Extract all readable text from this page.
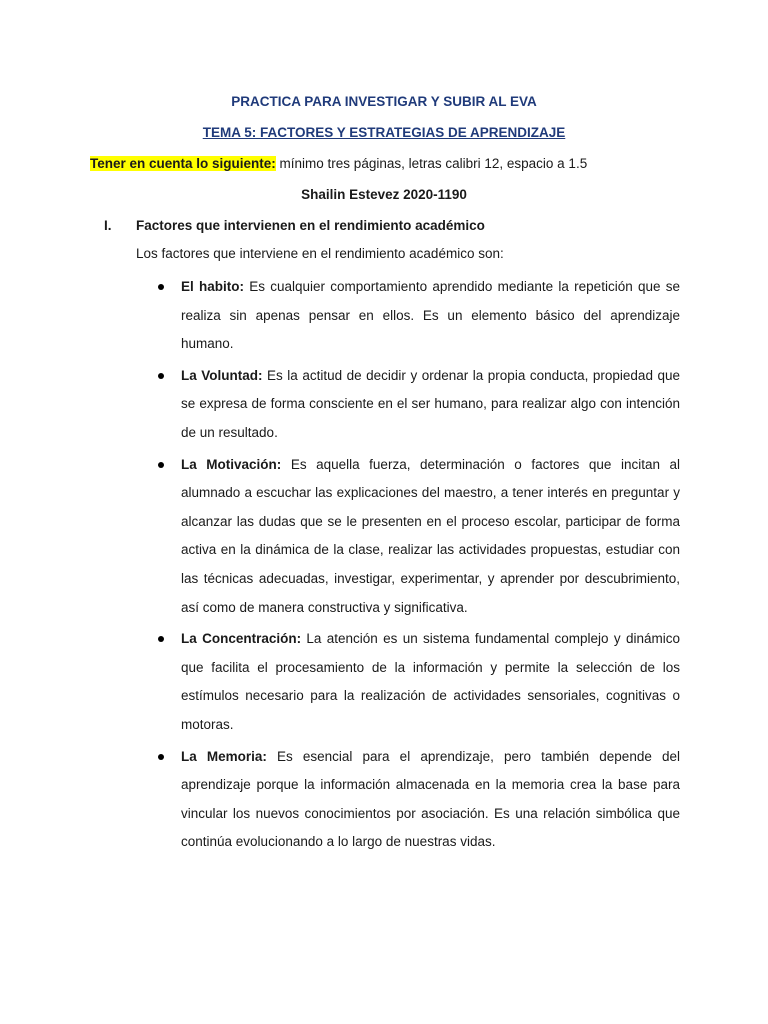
PRACTICA PARA INVESTIGAR Y SUBIR AL EVA
TEMA 5: FACTORES Y ESTRATEGIAS DE APRENDIZAJE
Tener en cuenta lo siguiente: mínimo tres páginas, letras calibri 12, espacio a 1.5
Shailin Estevez 2020-1190
I. Factores que intervienen en el rendimiento académico
Los factores que interviene en el rendimiento académico son:
El habito: Es cualquier comportamiento aprendido mediante la repetición que se realiza sin apenas pensar en ellos. Es un elemento básico del aprendizaje humano.
La Voluntad: Es la actitud de decidir y ordenar la propia conducta, propiedad que se expresa de forma consciente en el ser humano, para realizar algo con intención de un resultado.
La Motivación: Es aquella fuerza, determinación o factores que incitan al alumnado a escuchar las explicaciones del maestro, a tener interés en preguntar y alcanzar las dudas que se le presenten en el proceso escolar, participar de forma activa en la dinámica de la clase, realizar las actividades propuestas, estudiar con las técnicas adecuadas, investigar, experimentar, y aprender por descubrimiento, así como de manera constructiva y significativa.
La Concentración: La atención es un sistema fundamental complejo y dinámico que facilita el procesamiento de la información y permite la selección de los estímulos necesario para la realización de actividades sensoriales, cognitivas o motoras.
La Memoria: Es esencial para el aprendizaje, pero también depende del aprendizaje porque la información almacenada en la memoria crea la base para vincular los nuevos conocimientos por asociación. Es una relación simbólica que continúa evolucionando a lo largo de nuestras vidas.
